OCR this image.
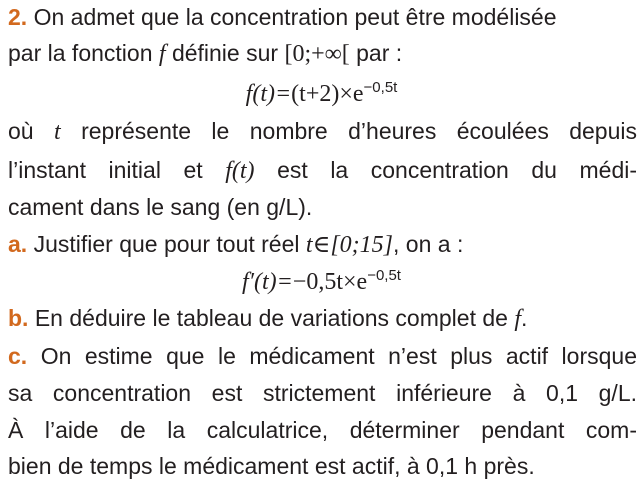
2. On admet que la concentration peut être modélisée
par la fonction f définie sur [0;+∞[ par :
$f(t)=(t+2)\times e^{-0,5t}$
où t représente le nombre d’heures écoulées depuis
l’instant initial et f(t) est la concentration du médi-
cament dans le sang (en g/L).
a. Justifier que pour tout réel t∈[0;15], on a :
$f'(t)=-0,5t\times e^{-0,5t}$
b. En déduire le tableau de variations complet de f.
c. On estime que le médicament n’est plus actif lorsque
sa concentration est strictement inférieure à 0,1 g/L.
À l’aide de la calculatrice, déterminer pendant com-
bien de temps le médicament est actif, à 0,1 h près.
